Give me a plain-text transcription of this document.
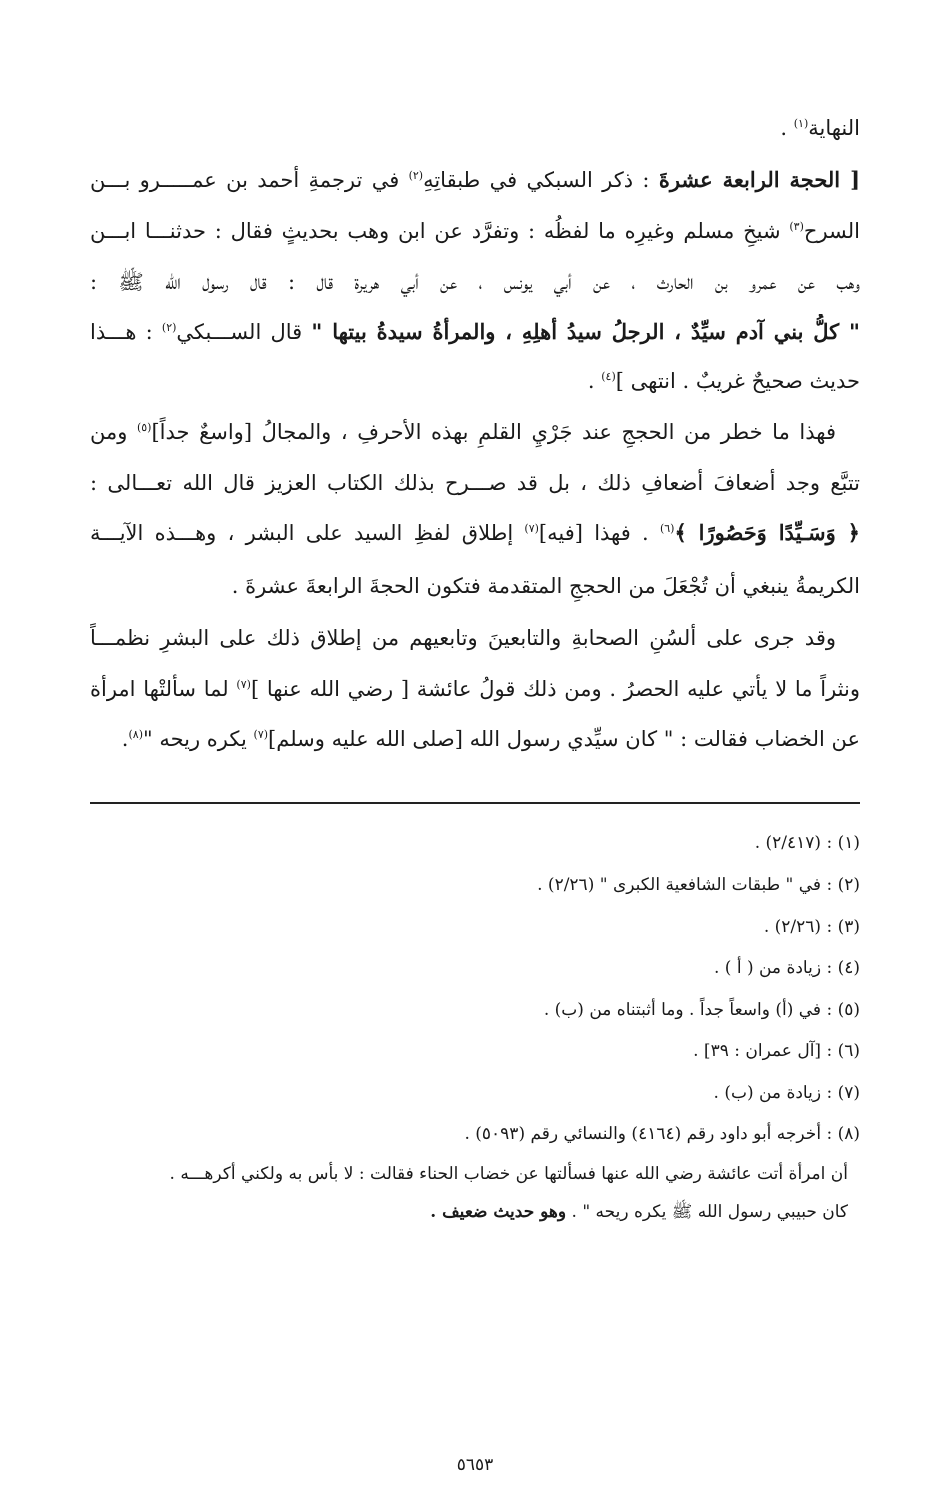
النهاية$^{(١)}$ .
[ الحجة الرابعة عشرةَ : ذكر السبكي في طبقاتِهِ$^{(٢)}$ في ترجمةِ أحمد بن عمـــــرو بـــن
السرح$^{(٣)}$ شيخِ مسلم وغيرِه ما لفظُه : وتفرَّد عن ابن وهب بحديثٍ فقال : حدثنـــا ابـــن
وهب عن عمرو بن الحارث ، عن أبي يونس ، عن أبي هريرة قال : قال رسول الله ﷺ :
" كلُّ بني آدم سيِّدٌ ، الرجلُ سيدُ أهلِهِ ، والمرأةُ سيدةُ بيتها " قال الســـبكي$^{(٢)}$ : هـــذا
حديث صحيحٌ غريبٌ . انتهى ]$^{(٤)}$ .
فهذا ما خطر من الحججِ عند جَرْيِ القلمِ بهذه الأحرفِ ، والمجالُ [واسعٌ جداً]$^{(٥)}$ ومن
تتبَّع وجد أضعافَ أضعافِ ذلك ، بل قد صـــرح بذلك الكتاب العزيز قال الله تعـــالى :
﴿ وَسَـيِّدًا وَحَصُورًا ﴾$^{(٦)}$ . فهذا [فيه]$^{(٧)}$ إطلاق لفظِ السيد على البشر ، وهـــذه الآيـــة
الكريمةُ ينبغي أن تُجْعَلَ من الحججِ المتقدمة فتكون الحجةَ الرابعةَ عشرةَ .
وقد جرى على ألسُنِ الصحابةِ والتابعينَ وتابعيهم من إطلاق ذلك على البشرِ نظمـــاً
ونثراً ما لا يأتي عليه الحصرُ . ومن ذلك قولُ عائشة [ رضي الله عنها ]$^{(٧)}$ لما سألتْها امرأة
عن الخضاب فقالت : " كان سيِّدي رسول الله [صلى الله عليه وسلم]$^{(٧)}$ يكره ريحه "$^{(٨)}$.
(١) : (٢/٤١٧) .
(٢) : في " طبقات الشافعية الكبرى " (٢/٢٦) .
(٣) : (٢/٢٦) .
(٤) : زيادة من ( أ ) .
(٥) : في (أ) واسعاً جداً . وما أثبتناه من (ب) .
(٦) : [آل عمران : ٣٩] .
(٧) : زيادة من (ب) .
(٨) : أخرجه أبو داود رقم (٤١٦٤) والنسائي رقم (٥٠٩٣) .
أن امرأة أتت عائشة رضي الله عنها فسألتها عن خضاب الحناء فقالت : لا بأس به ولكني أكرهـــه .
كان حبيبي رسول الله ﷺ يكره ريحه " . وهو حديث ضعيف .
٥٦٥٣
